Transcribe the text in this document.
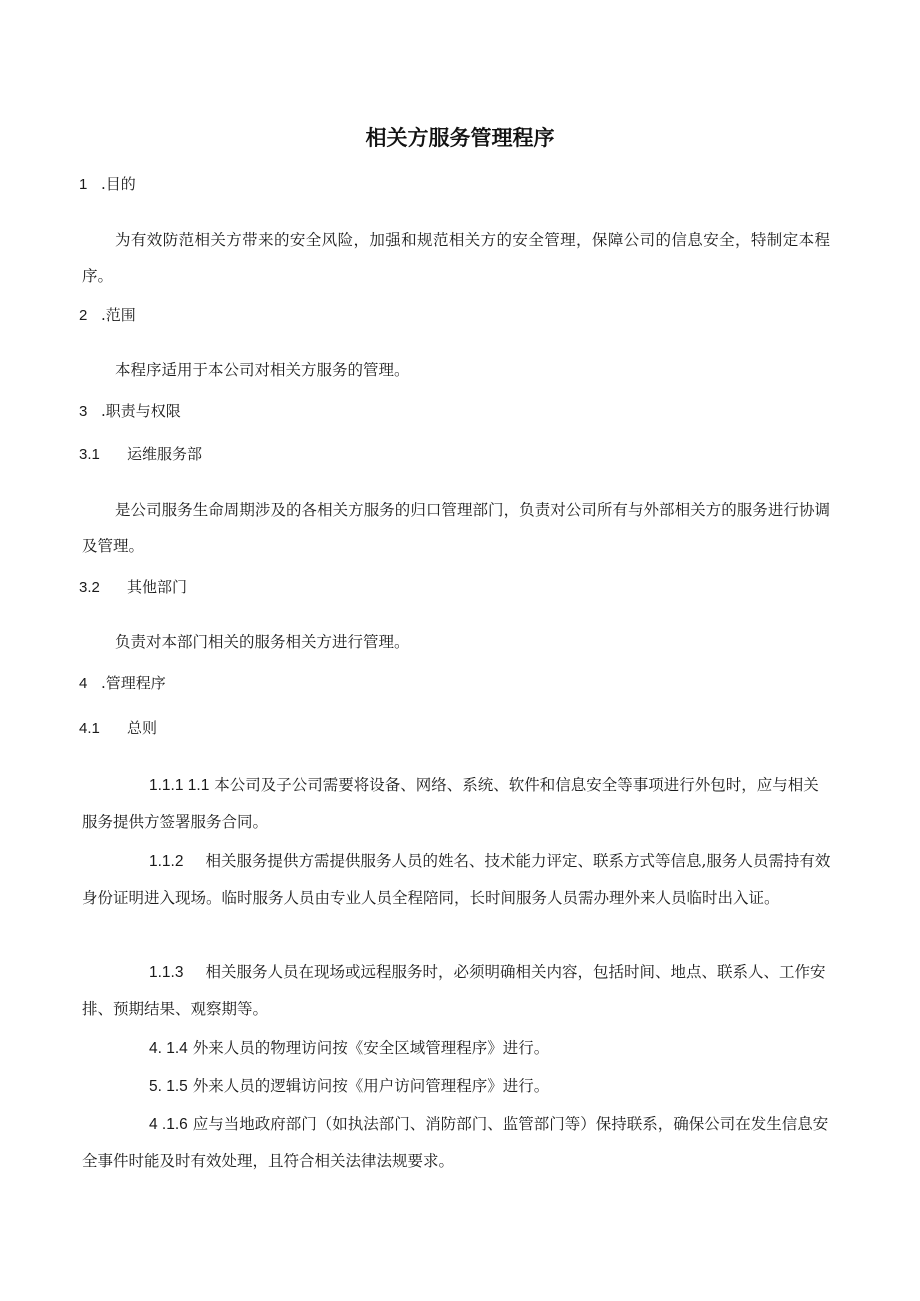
相关方服务管理程序
1 .目的
为有效防范相关方带来的安全风险，加强和规范相关方的安全管理，保障公司的信息安全，特制定本程序。
2 .范围
本程序适用于本公司对相关方服务的管理。
3 .职责与权限
3.1 运维服务部
是公司服务生命周期涉及的各相关方服务的归口管理部门，负责对公司所有与外部相关方的服务进行协调及管理。
3.2 其他部门
负责对本部门相关的服务相关方进行管理。
4 .管理程序
4.1 总则
1.1.1 1.1 本公司及子公司需要将设备、网络、系统、软件和信息安全等事项进行外包时，应与相关服务提供方签署服务合同。
1.1.2 相关服务提供方需提供服务人员的姓名、技术能力评定、联系方式等信息,服务人员需持有效身份证明进入现场。临时服务人员由专业人员全程陪同，长时间服务人员需办理外来人员临时出入证。
1.1.3 相关服务人员在现场或远程服务时，必须明确相关内容，包括时间、地点、联系人、工作安排、预期结果、观察期等。
4. 1.4 外来人员的物理访问按《安全区域管理程序》进行。
5. 1.5 外来人员的逻辑访问按《用户访问管理程序》进行。
4 .1.6 应与当地政府部门（如执法部门、消防部门、监管部门等）保持联系，确保公司在发生信息安全事件时能及时有效处理，且符合相关法律法规要求。
